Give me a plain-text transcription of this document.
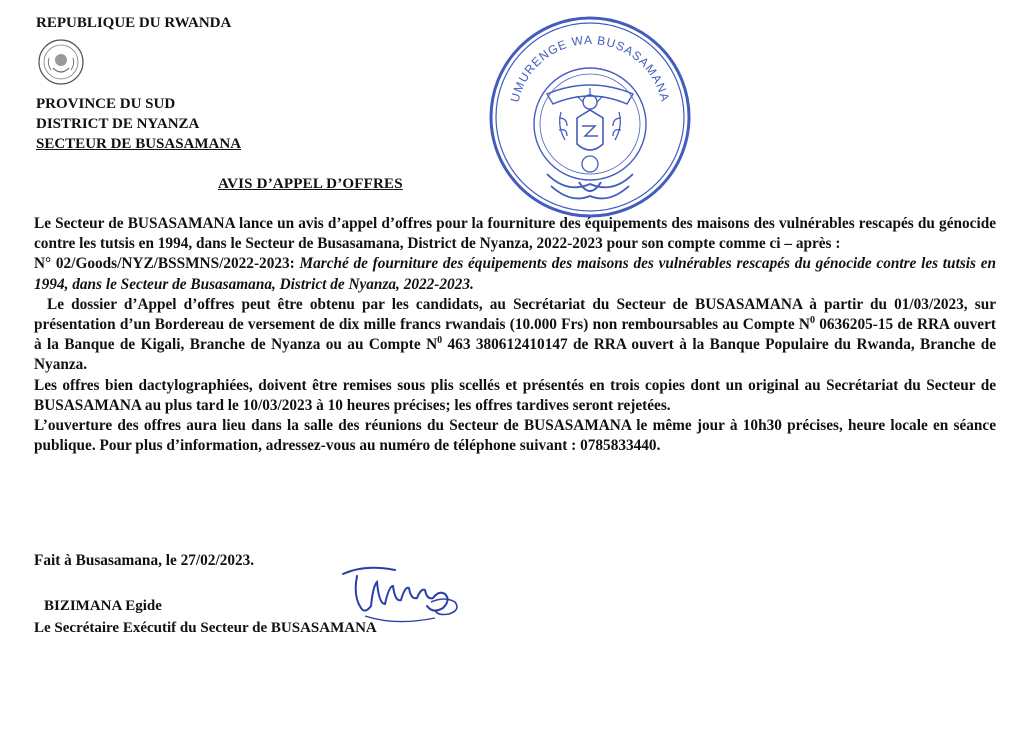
REPUBLIQUE DU RWANDA

PROVINCE DU SUD

DISTRICT DE NYANZA

SECTEUR DE BUSASAMANA

UMURENGE WA BUSASAMANA

AVIS D’APPEL D’OFFRES

Le Secteur de BUSASAMANA lance un avis d’appel d’offres pour la fourniture des équipements des maisons des vulnérables rescapés du génocide contre les tutsis en 1994, dans le Secteur de Busasamana, District de Nyanza, 2022-2023 pour son compte comme ci – après :

N° 02/Goods/NYZ/BSSMNS/2022-2023: Marché de fourniture des équipements des maisons des vulnérables rescapés du génocide contre les tutsis en 1994, dans le Secteur de Busasamana, District de Nyanza, 2022-2023.

Le dossier d’Appel d’offres peut être obtenu par les candidats, au Secrétariat du Secteur de BUSASAMANA à partir du 01/03/2023, sur présentation d’un Bordereau de versement de dix mille francs rwandais (10.000 Frs) non remboursables au Compte $N^0$ 0636205-15 de RRA ouvert à la Banque de Kigali, Branche de Nyanza ou au Compte $N^0$ 463 380612410147 de RRA ouvert à la Banque Populaire du Rwanda, Branche de Nyanza.

Les offres bien dactylographiées, doivent être remises sous plis scellés et présentés en trois copies dont un original au Secrétariat du Secteur de BUSASAMANA au plus tard le 10/03/2023 à 10 heures précises; les offres tardives seront rejetées.

L’ouverture des offres aura lieu dans la salle des réunions du Secteur de BUSASAMANA le même jour à 10h30 précises, heure locale en séance publique. Pour plus d’information, adressez-vous au numéro de téléphone suivant : 0785833440.

Fait à Busasamana, le 27/02/2023.

BIZIMANA Egide

Le Secrétaire Exécutif du Secteur de BUSASAMANA
